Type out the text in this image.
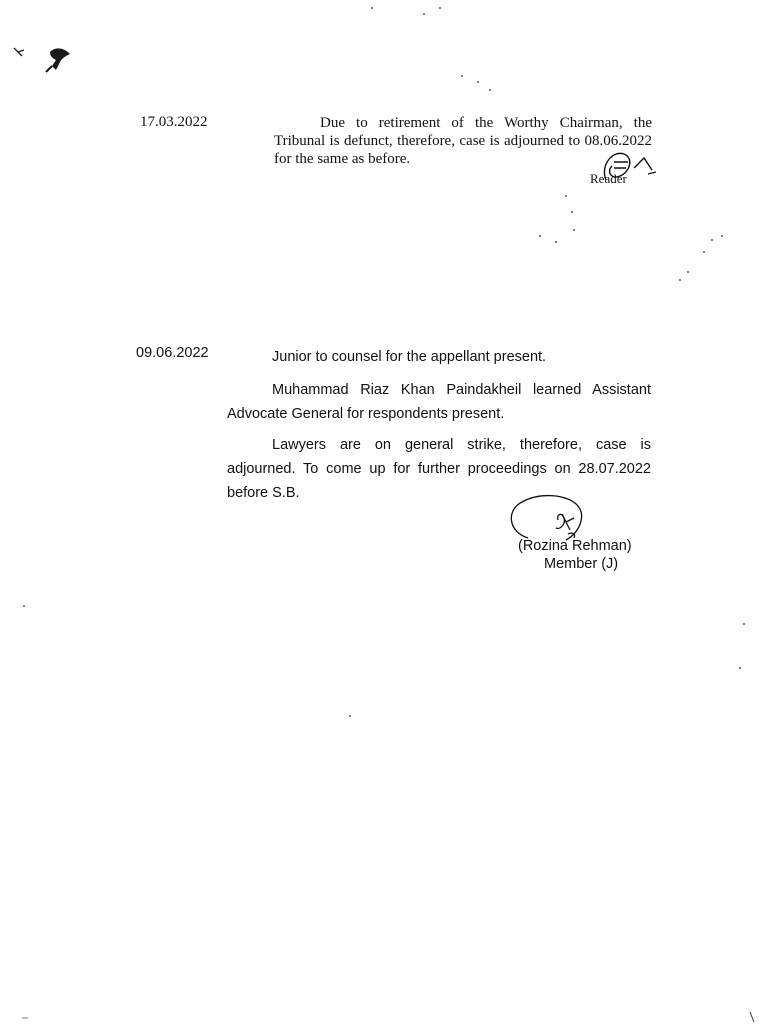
17.03.2022	Due to retirement of the Worthy Chairman, the Tribunal is defunct, therefore, case is adjourned to 08.06.2022 for the same as before.
Reader
09.06.2022	Junior to counsel for the appellant present.
Muhammad Riaz Khan Paindakheil learned Assistant Advocate General for respondents present.
Lawyers are on general strike, therefore, case is adjourned. To come up for further proceedings on 28.07.2022 before S.B.
(Rozina Rehman)
Member (J)
